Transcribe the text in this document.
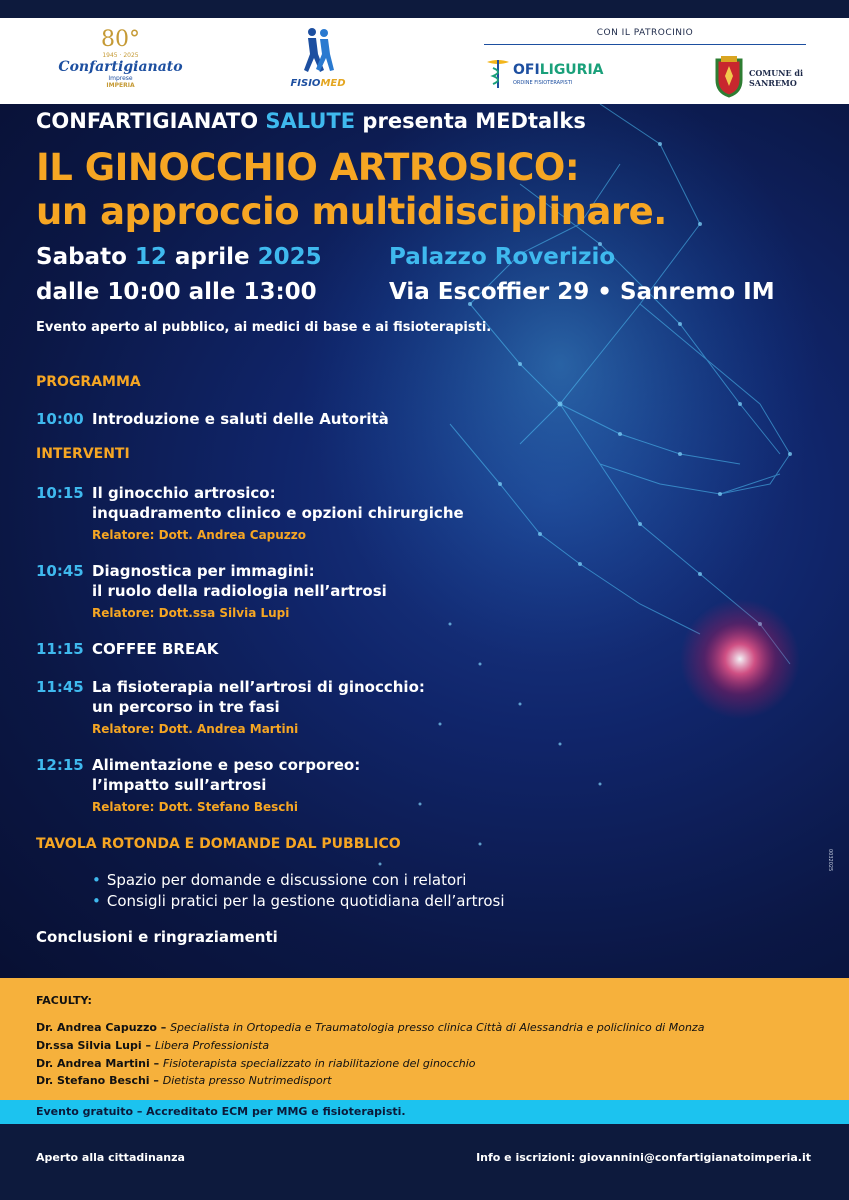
80°
1945 · 2025
Confartigianato
Imprese
IMPERIA	FISIOMED
CON IL PATROCINIO
OFILIGURIA
ORDINE FISIOTERAPISTI
COMUNE di
SANREMO
CONFARTIGIANATO SALUTE presenta MEDtalks
IL GINOCCHIO ARTROSICO:
un approccio multidisciplinare.
Sabato 12 aprile 2025
dalle 10:00 alle 13:00
Palazzo Roverizio
Via Escoffier 29 • Sanremo IM
Evento aperto al pubblico, ai medici di base e ai fisioterapisti.
PROGRAMMA
10:00 Introduzione e saluti delle Autorità
INTERVENTI
10:15 Il ginocchio artrosico:
inquadramento clinico e opzioni chirurgiche
Relatore: Dott. Andrea Capuzzo
10:45 Diagnostica per immagini:
il ruolo della radiologia nell’artrosi
Relatore: Dott.ssa Silvia Lupi
11:15 COFFEE BREAK
11:45 La fisioterapia nell’artrosi di ginocchio:
un percorso in tre fasi
Relatore: Dott. Andrea Martini
12:15 Alimentazione e peso corporeo:
l’impatto sull’artrosi
Relatore: Dott. Stefano Beschi
TAVOLA ROTONDA E DOMANDE DAL PUBBLICO
• Spazio per domande e discussione con i relatori
• Consigli pratici per la gestione quotidiana dell’artrosi
Conclusioni e ringraziamenti
0032025
FACULTY:
Dr. Andrea Capuzzo – Specialista in Ortopedia e Traumatologia presso clinica Città di Alessandria e policlinico di Monza
Dr.ssa Silvia Lupi – Libera Professionista
Dr. Andrea Martini – Fisioterapista specializzato in riabilitazione del ginocchio
Dr. Stefano Beschi – Dietista presso Nutrimedisport
Evento gratuito – Accreditato ECM per MMG e fisioterapisti.
Aperto alla cittadinanza	Info e iscrizioni: giovannini@confartigianatoimperia.it
